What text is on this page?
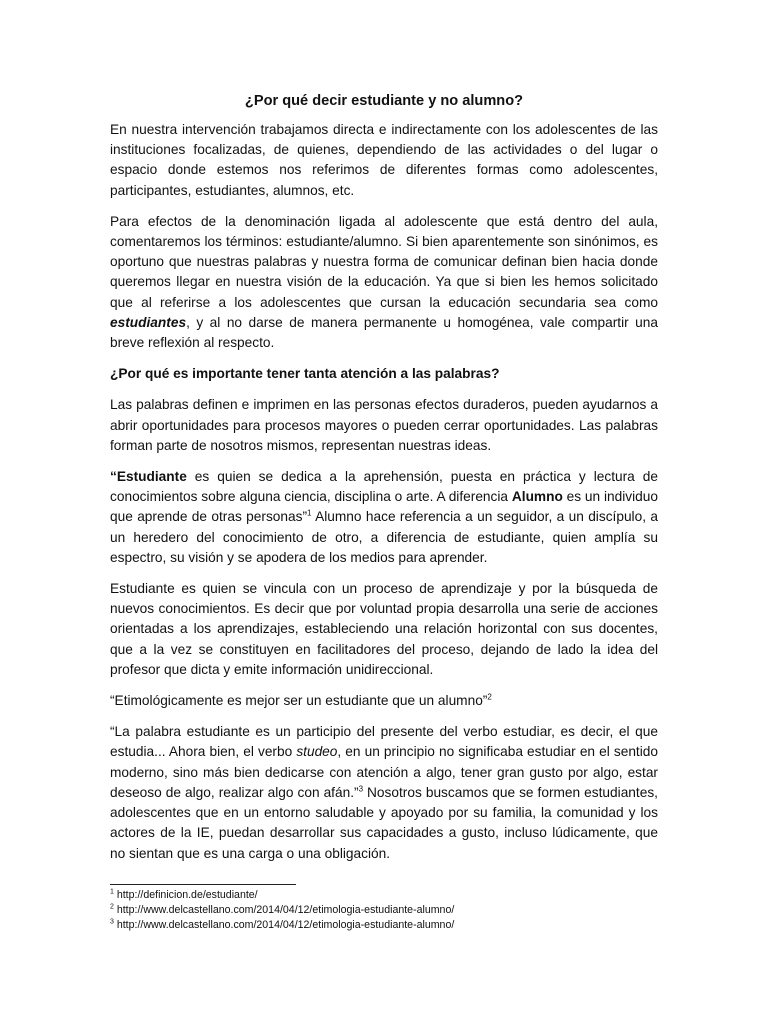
¿Por qué decir estudiante y no alumno?

En nuestra intervención trabajamos directa e indirectamente con los adolescentes de las instituciones focalizadas, de quienes, dependiendo de las actividades o del lugar o espacio donde estemos nos referimos de diferentes formas como adolescentes, participantes, estudiantes, alumnos, etc.

Para efectos de la denominación ligada al adolescente que está dentro del aula, comentaremos los términos: estudiante/alumno. Si bien aparentemente son sinónimos, es oportuno que nuestras palabras y nuestra forma de comunicar definan bien hacia donde queremos llegar en nuestra visión de la educación. Ya que si bien les hemos solicitado que al referirse a los adolescentes que cursan la educación secundaria sea como estudiantes, y al no darse de manera permanente u homogénea, vale compartir una breve reflexión al respecto.

¿Por qué es importante tener tanta atención a las palabras?

Las palabras definen e imprimen en las personas efectos duraderos, pueden ayudarnos a abrir oportunidades para procesos mayores o pueden cerrar oportunidades. Las palabras forman parte de nosotros mismos, representan nuestras ideas.

“Estudiante es quien se dedica a la aprehensión, puesta en práctica y lectura de conocimientos sobre alguna ciencia, disciplina o arte. A diferencia Alumno es un individuo que aprende de otras personas”$^1$ Alumno hace referencia a un seguidor, a un discípulo, a un heredero del conocimiento de otro, a diferencia de estudiante, quien amplía su espectro, su visión y se apodera de los medios para aprender.

Estudiante es quien se vincula con un proceso de aprendizaje y por la búsqueda de nuevos conocimientos. Es decir que por voluntad propia desarrolla una serie de acciones orientadas a los aprendizajes, estableciendo una relación horizontal con sus docentes, que a la vez se constituyen en facilitadores del proceso, dejando de lado la idea del profesor que dicta y emite información unidireccional.

“Etimológicamente es mejor ser un estudiante que un alumno”$^2$

“La palabra estudiante es un participio del presente del verbo estudiar, es decir, el que estudia... Ahora bien, el verbo studeo, en un principio no significaba estudiar en el sentido moderno, sino más bien dedicarse con atención a algo, tener gran gusto por algo, estar deseoso de algo, realizar algo con afán.”$^3$ Nosotros buscamos que se formen estudiantes, adolescentes que en un entorno saludable y apoyado por su familia, la comunidad y los actores de la IE, puedan desarrollar sus capacidades a gusto, incluso lúdicamente, que no sientan que es una carga o una obligación.

$^1$ http://definicion.de/estudiante/
$^2$ http://www.delcastellano.com/2014/04/12/etimologia-estudiante-alumno/
$^3$ http://www.delcastellano.com/2014/04/12/etimologia-estudiante-alumno/
